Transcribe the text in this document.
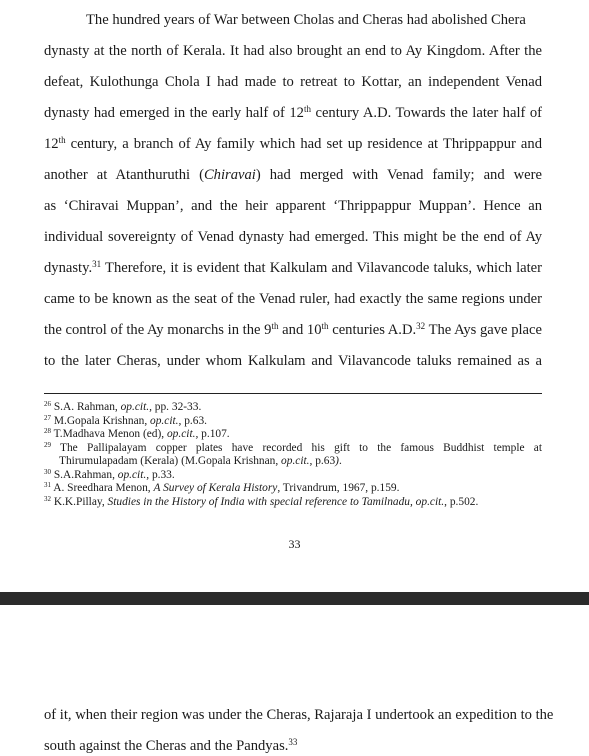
The hundred years of War between Cholas and Cheras had abolished Chera
dynasty at the north of Kerala. It had also brought an end to Ay Kingdom. After the
defeat, Kulothunga Chola I had made to retreat to Kottar, an independent Venad
dynasty had emerged in the early half of 12th century A.D. Towards the later half of
12th century, a branch of Ay family which had set up residence at Thrippappur and
another at Atanthuruthi (Chiravai) had merged with Venad family; and were
as ‘Chiravai Muppan’, and the heir apparent ‘Thrippappur Muppan’. Hence an
individual sovereignty of Venad dynasty had emerged. This might be the end of Ay
dynasty.$^{31}$ Therefore, it is evident that Kalkulam and Vilavancode taluks, which later
came to be known as the seat of the Venad ruler, had exactly the same regions under
the control of the Ay monarchs in the 9th and 10th centuries A.D.$^{32}$ The Ays gave place
to the later Cheras, under whom Kalkulam and Vilavancode taluks remained as a
$^{26}$ S.A. Rahman, op.cit., pp. 32-33.
$^{27}$ M.Gopala Krishnan, op.cit., p.63.
$^{28}$ T.Madhava Menon (ed), op.cit., p.107.
$^{29}$ The Pallipalayam copper plates have recorded his gift to the famous Buddhist temple at
Thirumulapadam (Kerala) (M.Gopala Krishnan, op.cit., p.63).
$^{30}$ S.A.Rahman, op.cit., p.33.
$^{31}$ A. Sreedhara Menon, A Survey of Kerala History, Trivandrum, 1967, p.159.
$^{32}$ K.K.Pillay, Studies in the History of India with special reference to Tamilnadu, op.cit., p.502.
33
of it, when their region was under the Cheras, Rajaraja I undertook an expedition to the
south against the Cheras and the Pandyas.$^{33}$
